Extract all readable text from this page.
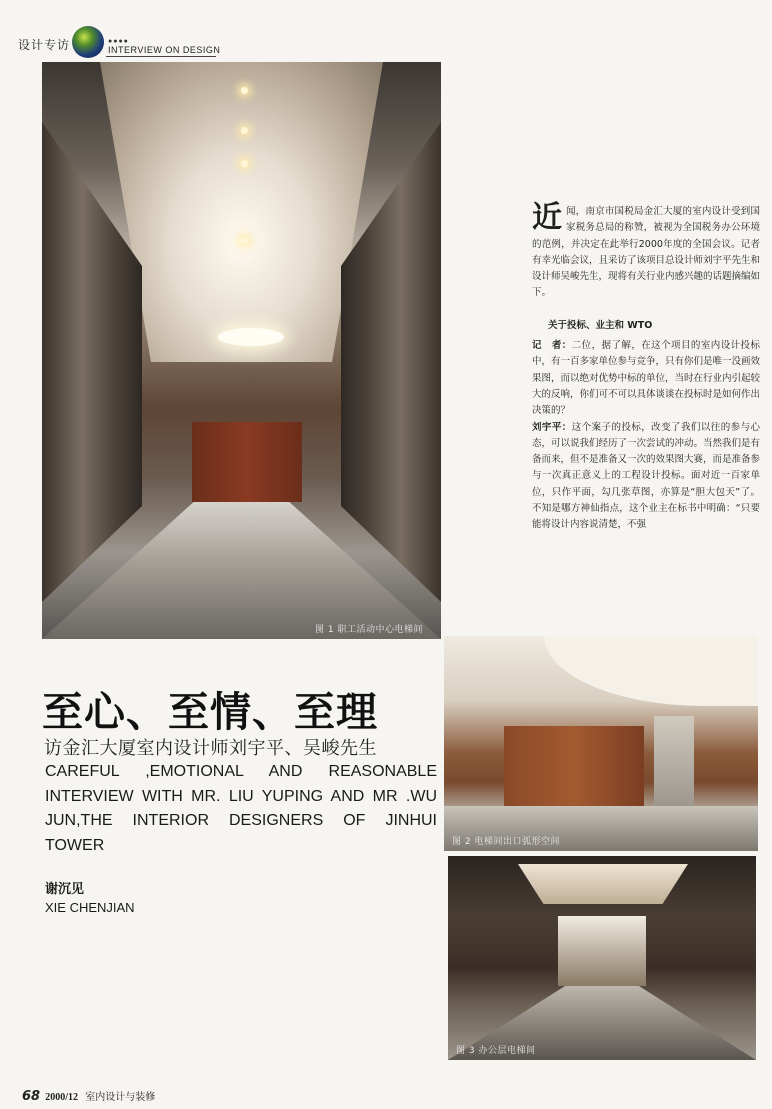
设计专访	●●●●
INTERVIEW ON DESIGN
图 1 职工活动中心电梯间

近闻，南京市国税局金汇大厦的室内设计受到国家税务总局的称赞，被视为全国税务办公环境的范例，并决定在此举行2000年度的全国会议。记者有幸光临会议，且采访了该项目总设计师刘宇平先生和设计师吴峻先生，现将有关行业内感兴趣的话题摘编如下。

关于投标、业主和 WTO

记　者：二位，据了解，在这个项目的室内设计投标中，有一百多家单位参与竞争，只有你们是唯一没画效果图，而以绝对优势中标的单位，当时在行业内引起较大的反响，你们可不可以具体谈谈在投标时是如何作出决策的？

刘宇平：这个案子的投标，改变了我们以往的参与心态，可以说我们经历了一次尝试的冲动。当然我们是有备而来，但不是准备又一次的效果图大赛，而是准备参与一次真正意义上的工程设计投标。面对近一百家单位，只作平面，勾几张草图，亦算是“胆大包天”了。不知是哪方神仙指点，这个业主在标书中明确：“只要能将设计内容说清楚，不强

图 2 电梯间出口弧形空间
至心、至情、至理
访金汇大厦室内设计师刘宇平、吴峻先生
CAREFUL ,EMOTIONAL AND REASONABLE INTERVIEW WITH MR. LIU YUPING AND MR .WU JUN,THE INTERIOR DESIGNERS OF JINHUI TOWER
谢沉见
XIE CHENJIAN
图 3 办公层电梯间
68 2000/12 室内设计与装修
